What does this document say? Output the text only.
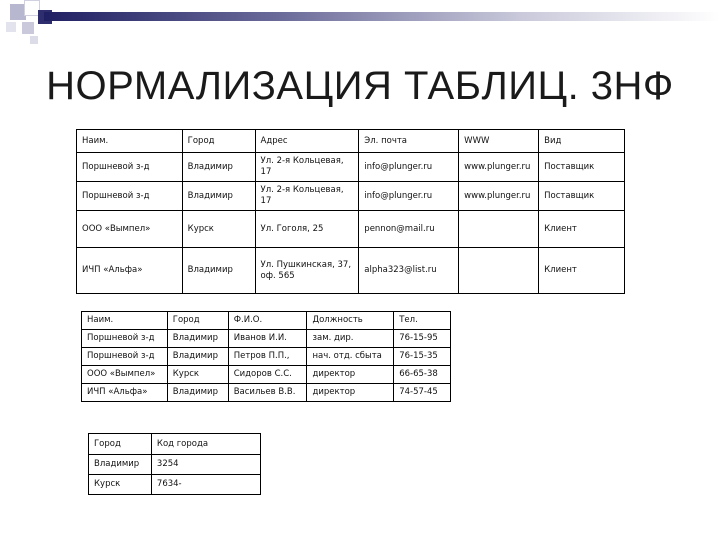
НОРМАЛИЗАЦИЯ ТАБЛИЦ. 3НФ
Наим.	Город	Адрес	Эл. почта	WWW	Вид
Поршневой з-д	Владимир	Ул. 2-я Кольцевая, 17	info@plunger.ru	www.plunger.ru	Поставщик
Поршневой з-д	Владимир	Ул. 2-я Кольцевая, 17	info@plunger.ru	www.plunger.ru	Поставщик
ООО «Вымпел»	Курск	Ул. Гоголя, 25	pennon@mail.ru		Клиент
ИЧП «Альфа»	Владимир	Ул. Пушкинская, 37, оф. 565	alpha323@list.ru		Клиент
Наим.	Город	Ф.И.О.	Должность	Тел.
Поршневой з-д	Владимир	Иванов И.И.	зам. дир.	76-15-95
Поршневой з-д	Владимир	Петров П.П.,	нач. отд. сбыта	76-15-35
ООО «Вымпел»	Курск	Сидоров С.С.	директор	66-65-38
ИЧП «Альфа»	Владимир	Васильев В.В.	директор	74-57-45
Город	Код города
Владимир	3254
Курск	7634-
